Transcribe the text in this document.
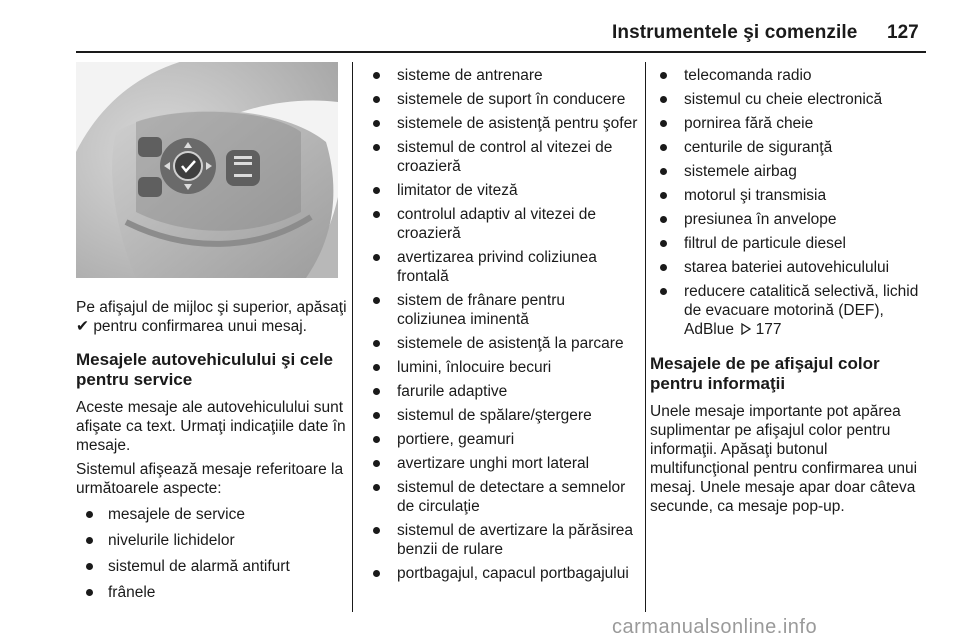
Instrumentele şi comenzile 127

Pe afişajul de mijloc şi superior, apăsaţi ✔ pentru confirmarea unui mesaj.

Mesajele autovehiculului şi cele pentru service

Aceste mesaje ale autovehiculului sunt afişate ca text. Urmaţi indicaţiile date în mesaje.

Sistemul afişează mesaje referitoare la următoarele aspecte:

mesajele de service
nivelurile lichidelor
sistemul de alarmă antifurt
frânele
sisteme de antrenare
sistemele de suport în conducere
sistemele de asistenţă pentru şofer
sistemul de control al vitezei de croazieră
limitator de viteză
controlul adaptiv al vitezei de croazieră
avertizarea privind coliziunea frontală
sistem de frânare pentru coliziunea iminentă
sistemele de asistenţă la parcare
lumini, înlocuire becuri
farurile adaptive
sistemul de spălare/ştergere
portiere, geamuri
avertizare unghi mort lateral
sistemul de detectare a semnelor de circulaţie
sistemul de avertizare la părăsirea benzii de rulare
portbagajul, capacul portbagajului
telecomanda radio
sistemul cu cheie electronică
pornirea fără cheie
centurile de siguranţă
sistemele airbag
motorul şi transmisia
presiunea în anvelope
filtrul de particule diesel
starea bateriei autovehiculului
reducere catalitică selectivă, lichid de evacuare motorină (DEF), AdBlue 177
Mesajele de pe afişajul color pentru informaţii

Unele mesaje importante pot apărea suplimentar pe afişajul color pentru informaţii. Apăsaţi butonul multifuncţional pentru confirmarea unui mesaj. Unele mesaje apar doar câteva secunde, ca mesaje pop-up.

carmanualsonline.info
